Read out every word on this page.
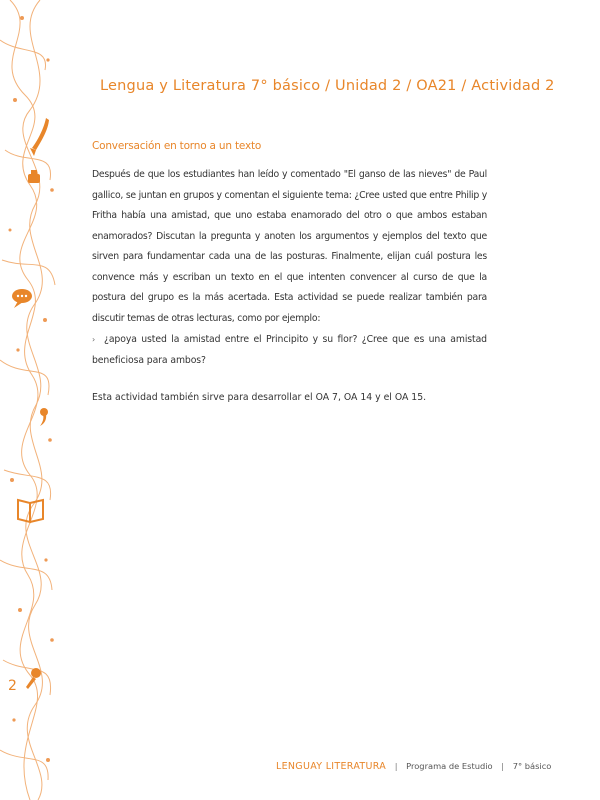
2
Lengua y Literatura 7° básico / Unidad 2 / OA21 / Actividad 2
Conversación en torno a un texto
Después de que los estudiantes han leído y comentado "El ganso de las nieves" de Paul gallico, se juntan en grupos y comentan el siguiente tema: ¿Cree usted que entre Philip y Fritha había una amistad, que uno estaba enamorado del otro o que ambos estaban enamorados? Discutan la pregunta y anoten los argumentos y ejemplos del texto que sirven para fundamentar cada una de las posturas. Finalmente, elijan cuál postura les convence más y escriban un texto en el que intenten convencer al curso de que la postura del grupo es la más acertada. Esta actividad se puede realizar también para discutir temas de otras lecturas, como por ejemplo:
› ¿apoya usted la amistad entre el Principito y su flor? ¿Cree que es una amistad beneficiosa para ambos?
Esta actividad también sirve para desarrollar el OA 7, OA 14 y el OA 15.
LENGUAY LITERATURA | Programa de Estudio | 7° básico
